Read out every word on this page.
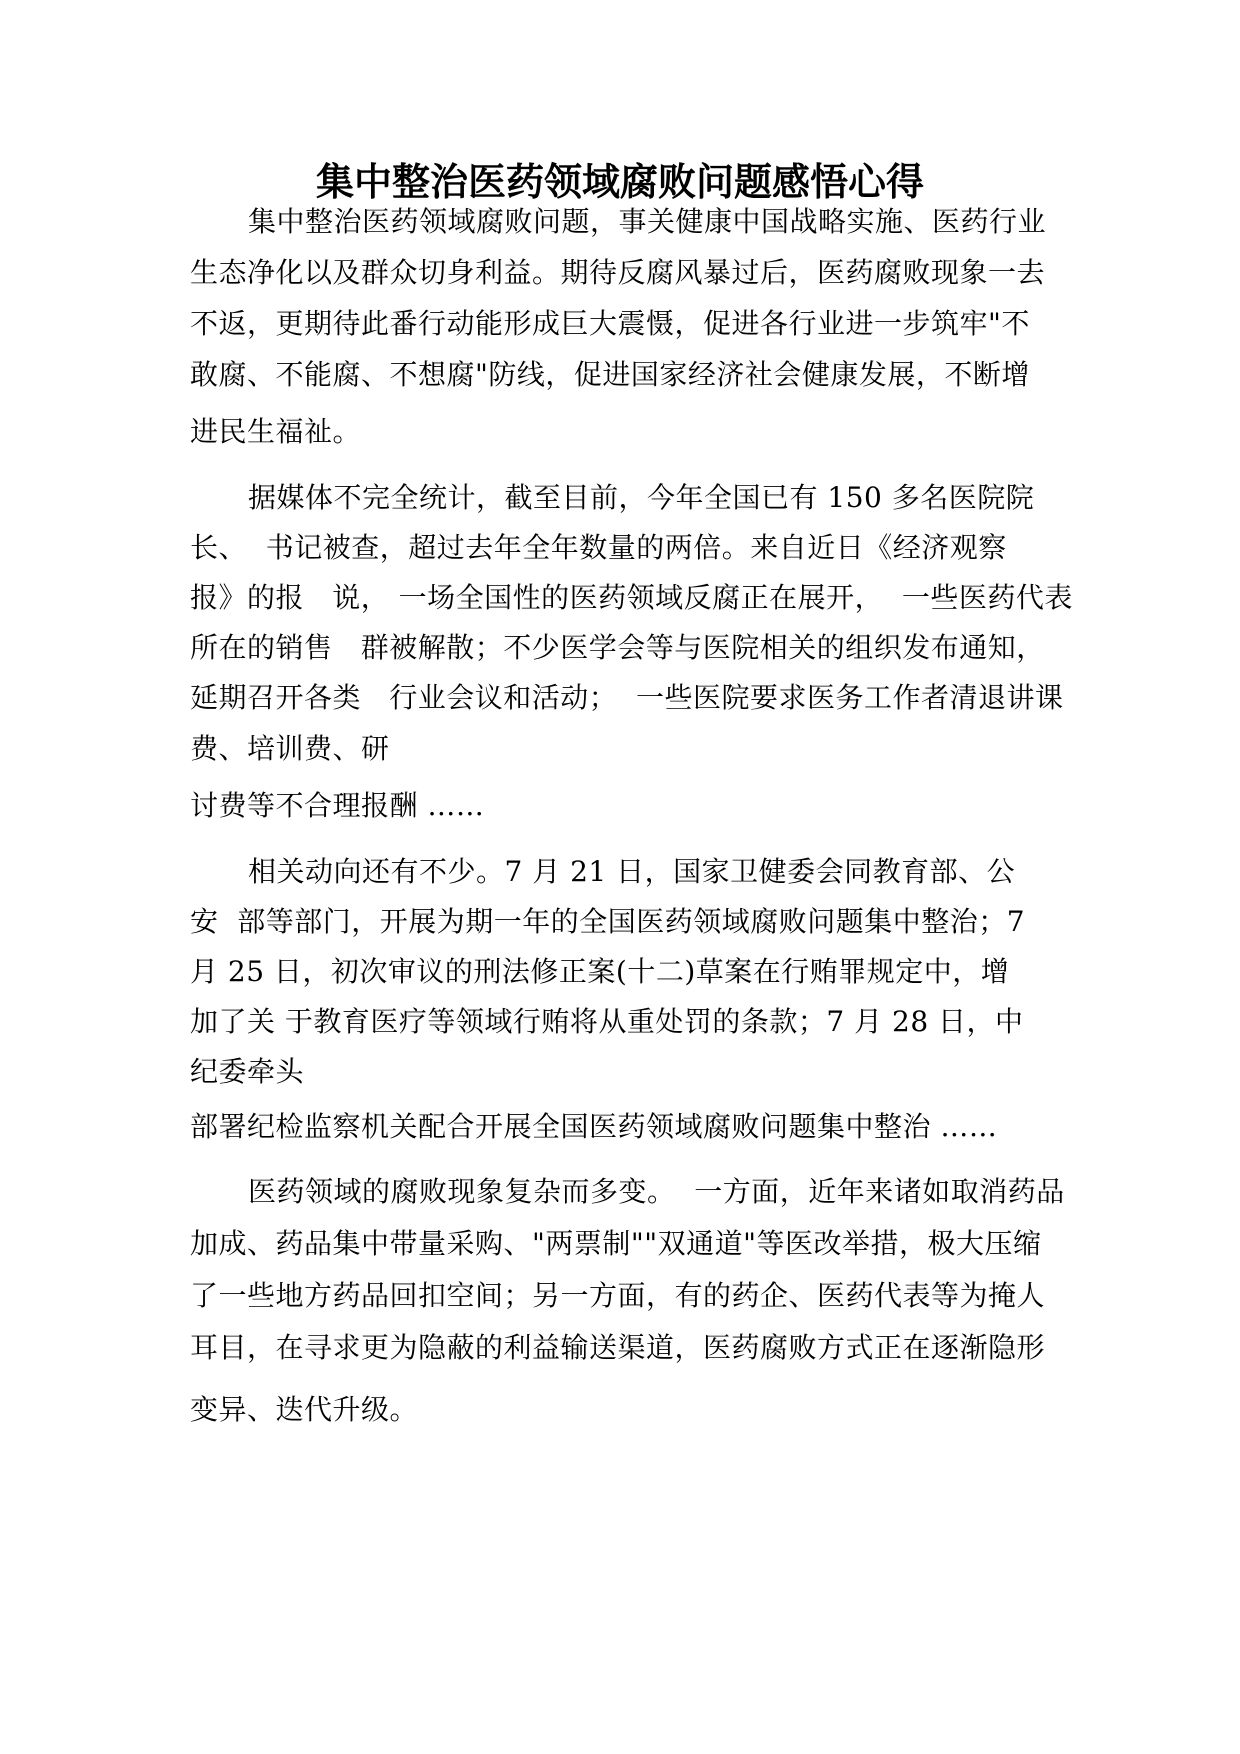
集中整治医药领域腐败问题感悟心得
集中整治医药领域腐败问题，事关健康中国战略实施、医药行业
生态净化以及群众切身利益。期待反腐风暴过后，医药腐败现象一去
不返，更期待此番行动能形成巨大震慑，促进各行业进一步筑牢"不
敢腐、不能腐、不想腐"防线，促进国家经济社会健康发展，不断增
进民生福祉。
据媒体不完全统计，截至目前，今年全国已有 150 多名医院院
长、  书记被查，超过去年全年数量的两倍。来自近日《经济观察
报》的报   说， 一场全国性的医药领域反腐正在展开，  一些医药代表
所在的销售   群被解散；不少医学会等与医院相关的组织发布通知，
延期召开各类   行业会议和活动；  一些医院要求医务工作者清退讲课
费、培训费、研
讨费等不合理报酬 ……
相关动向还有不少。7 月 21 日，国家卫健委会同教育部、公
安  部等部门，开展为期一年的全国医药领域腐败问题集中整治；7
月 25 日，初次审议的刑法修正案(十二)草案在行贿罪规定中，增
加了关 于教育医疗等领域行贿将从重处罚的条款；7 月 28 日，中
纪委牵头
部署纪检监察机关配合开展全国医药领域腐败问题集中整治 ……
医药领域的腐败现象复杂而多变。  一方面，近年来诸如取消药品
加成、药品集中带量采购、"两票制""双通道"等医改举措，极大压缩
了一些地方药品回扣空间；另一方面，有的药企、医药代表等为掩人
耳目，在寻求更为隐蔽的利益输送渠道，医药腐败方式正在逐渐隐形
变异、迭代升级。
